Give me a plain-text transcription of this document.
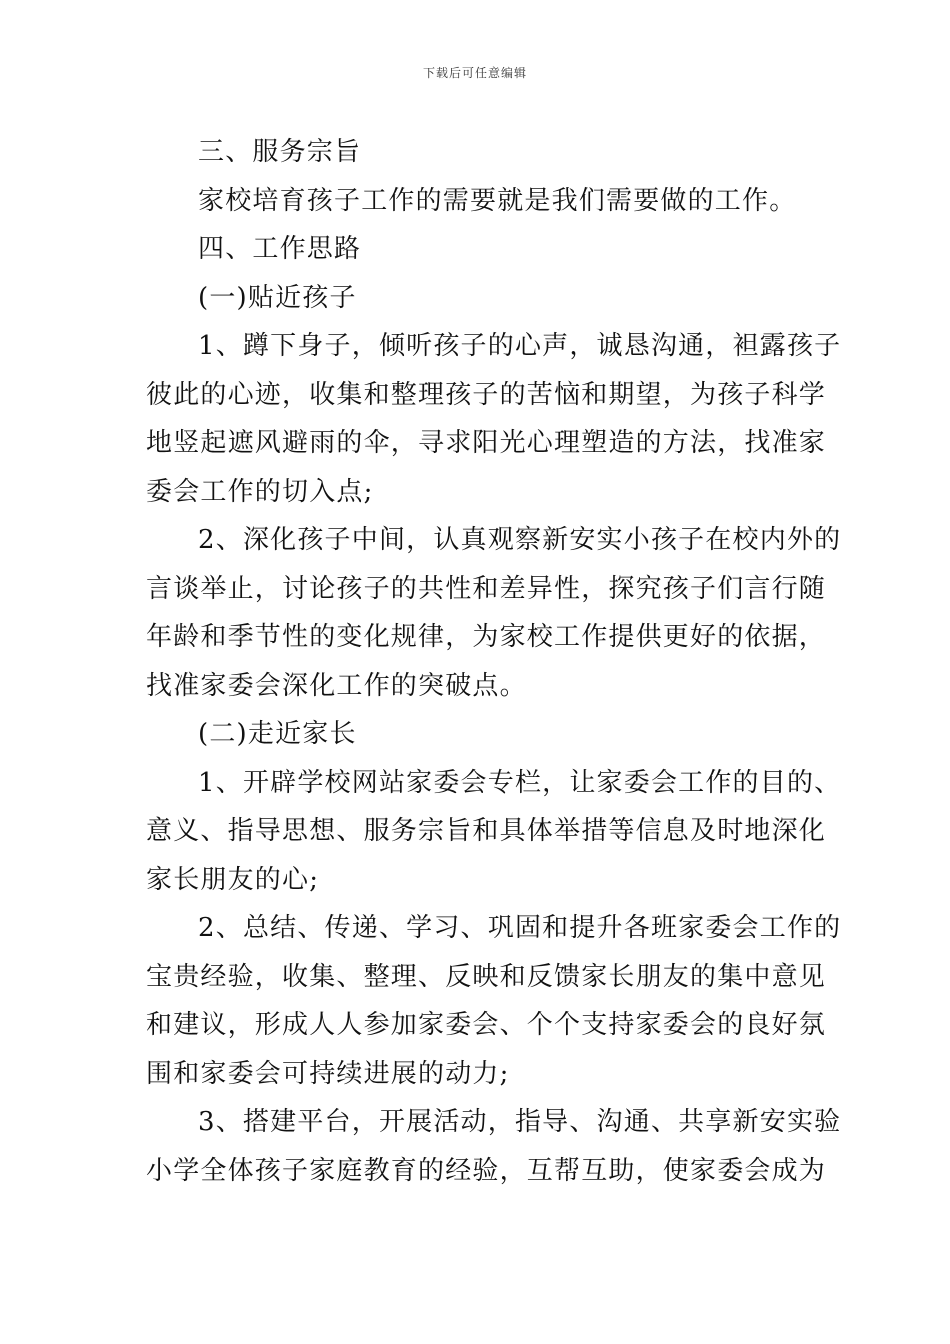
下载后可任意编辑
三、服务宗旨
家校培育孩子工作的需要就是我们需要做的工作。
四、工作思路
(一)贴近孩子
1、蹲下身子，倾听孩子的心声，诚恳沟通，袒露孩子
彼此的心迹，收集和整理孩子的苦恼和期望，为孩子科学
地竖起遮风避雨的伞，寻求阳光心理塑造的方法，找准家
委会工作的切入点;
2、深化孩子中间，认真观察新安实小孩子在校内外的
言谈举止，讨论孩子的共性和差异性，探究孩子们言行随
年龄和季节性的变化规律，为家校工作提供更好的依据，
找准家委会深化工作的突破点。
(二)走近家长
1、开辟学校网站家委会专栏，让家委会工作的目的、
意义、指导思想、服务宗旨和具体举措等信息及时地深化
家长朋友的心;
2、总结、传递、学习、巩固和提升各班家委会工作的
宝贵经验，收集、整理、反映和反馈家长朋友的集中意见
和建议，形成人人参加家委会、个个支持家委会的良好氛
围和家委会可持续进展的动力;
3、搭建平台，开展活动，指导、沟通、共享新安实验
小学全体孩子家庭教育的经验，互帮互助，使家委会成为
